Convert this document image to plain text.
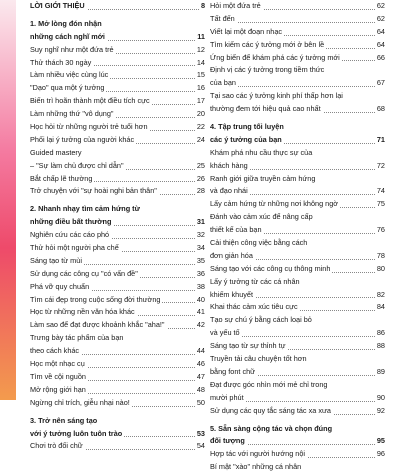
LỜI GIỚI THIỆU	8
1. Mở lòng đón nhận
những cách nghĩ mới	11
Suy nghĩ như một đứa trẻ	12
Thử thách 30 ngày	14
Làm nhiều việc cùng lúc	15
"Dạo" qua một ý tưởng	16
Biến trì hoãn thành một điều tích cực	17
Làm những thứ "vô dụng"	20
Học hỏi từ những người trẻ tuổi hơn	22
Phối lại ý tưởng của người khác	24
Guided mastery
– "Sự làm chủ được chỉ dẫn"	25
Bắt chấp lẽ thường	26
Trở chuyện với "sự hoài nghi bản thân"	28
2. Nhanh nhạy tìm cảm hứng từ
những điều bất thường	31
Nghiên cứu các cáo phó	32
Thử hỏi một người pha chế	34
Sáng tạo từ mùi	35
Sử dụng các công cụ "có vấn đề"	36
Phá vỡ quy chuẩn	38
Tìm cái đẹp trong cuộc sống đời thường	40
Học từ những nền văn hóa khác	41
Làm sao để đạt được khoảnh khắc "aha!"	42
Trưng bày tác phẩm của bạn
theo cách khác	44
Học một nhạc cụ	46
Tìm về cội nguồn	47
Mở rộng giới hạn	48
Ngừng chỉ trích, giễu nhại nào!	50
3. Trở nên sáng tạo
với ý tưởng luôn tuôn trào	53
Chơi trò đối chữ	54
Hỏi một đứa trẻ	62
Tất đến	62
Viết lại một đoạn nhạc	64
Tìm kiếm các ý tưởng mới ở bên lề	64
Ứng biến để khám phá các ý tưởng mới	66
Định vị các ý tưởng trong tiềm thức
của bạn	67
Tại sao các ý tưởng kinh phí thấp hơn lại
thường đem tới hiệu quả cao nhất	68
4. Tập trung tối luyện
các ý tưởng của bạn	71
Khám phá nhu cầu thực sự của
khách hàng	72
Ranh giới giữa truyền cảm hứng
và đạo nhái	74
Lấy cảm hứng từ những nơi không ngờ	75
Đánh vào cảm xúc để nâng cấp
thiết kế của bạn	76
Cải thiện công việc bằng cách
đơn giản hóa	78
Sáng tạo với các công cụ thông minh	80
Lấy ý tưởng từ các cá nhân
khiếm khuyết	82
Khai thác cảm xúc tiêu cực	84
Tạo sự chú ý bằng cách loại bỏ
và yếu tố	86
Sáng tạo từ sự thỉnh tự	88
Truyền tải câu chuyện tốt hơn
bằng font chữ	89
Đạt được góc nhìn mới mẻ chỉ trong
mười phút	90
Sử dụng các quy tắc sáng tác xa xưa	92
5. Sẵn sàng cộng tác và chọn đúng
đối tượng	95
Hợp tác với người hướng nội	96
Bí mật "xào" những cá nhân
